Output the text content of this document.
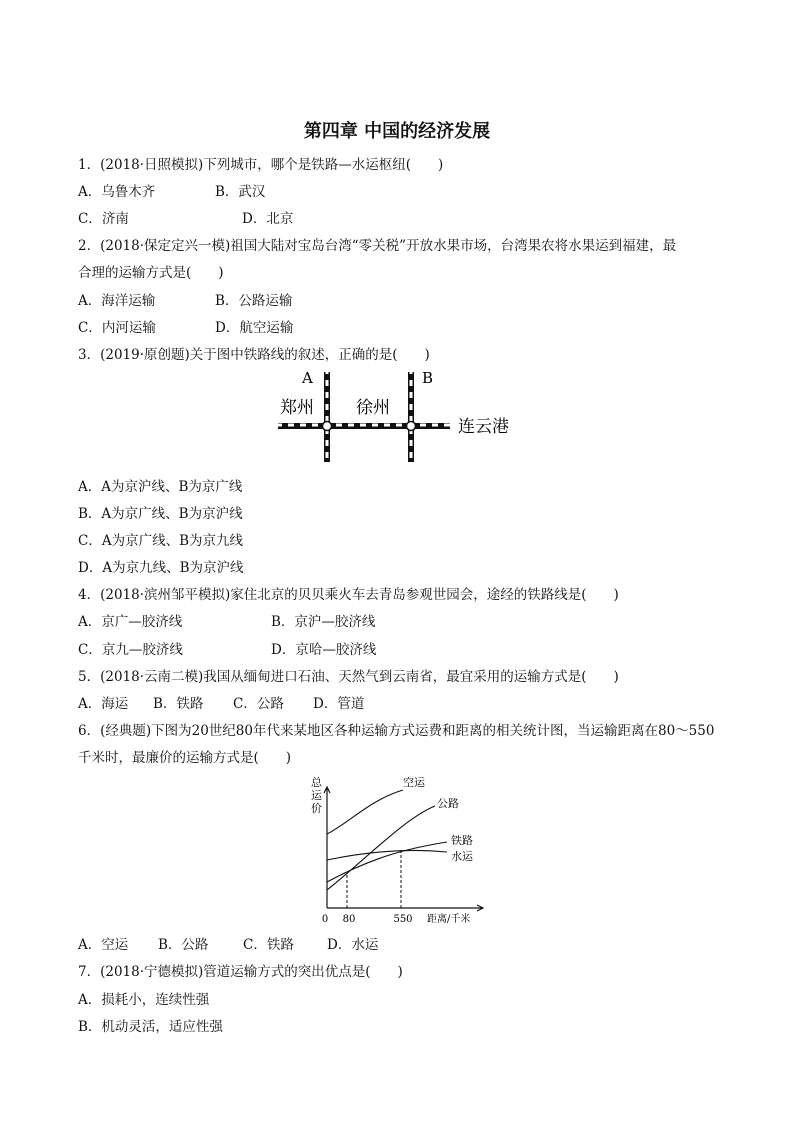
第四章 中国的经济发展
1．(2018·日照模拟)下列城市，哪个是铁路—水运枢纽(　　)
A．乌鲁木齐	B．武汉
C．济南	D．北京
2．(2018·保定定兴一模)祖国大陆对宝岛台湾“零关税”开放水果市场，台湾果农将水果运到福建，最
合理的运输方式是(　　)
A．海洋运输	B．公路运输
C．内河运输	D．航空运输
3．(2019·原创题)关于图中铁路线的叙述，正确的是(　　)
A	B
郑州 徐州
连云港
A．A为京沪线、B为京广线
B．A为京广线、B为京沪线
C．A为京广线、B为京九线
D．A为京九线、B为京沪线
4．(2018·滨州邹平模拟)家住北京的贝贝乘火车去青岛参观世园会，途经的铁路线是(　　)
A．京广—胶济线	B．京沪—胶济线
C．京九—胶济线	D．京哈—胶济线
5．(2018·云南二模)我国从缅甸进口石油、天然气到云南省，最宜采用的运输方式是(　　)
A．海运 B．铁路 C．公路 D．管道
6．(经典题)下图为20世纪80年代来某地区各种运输方式运费和距离的相关统计图，当运输距离在80～550
千米时，最廉价的运输方式是(　　)
总
运
价
空运
公路
铁路
水运
0 80	550 距离/千米
A．空运 B．公路	C．铁路 D．水运
7．(2018·宁德模拟)管道运输方式的突出优点是(　　)
A．损耗小，连续性强
B．机动灵活，适应性强
